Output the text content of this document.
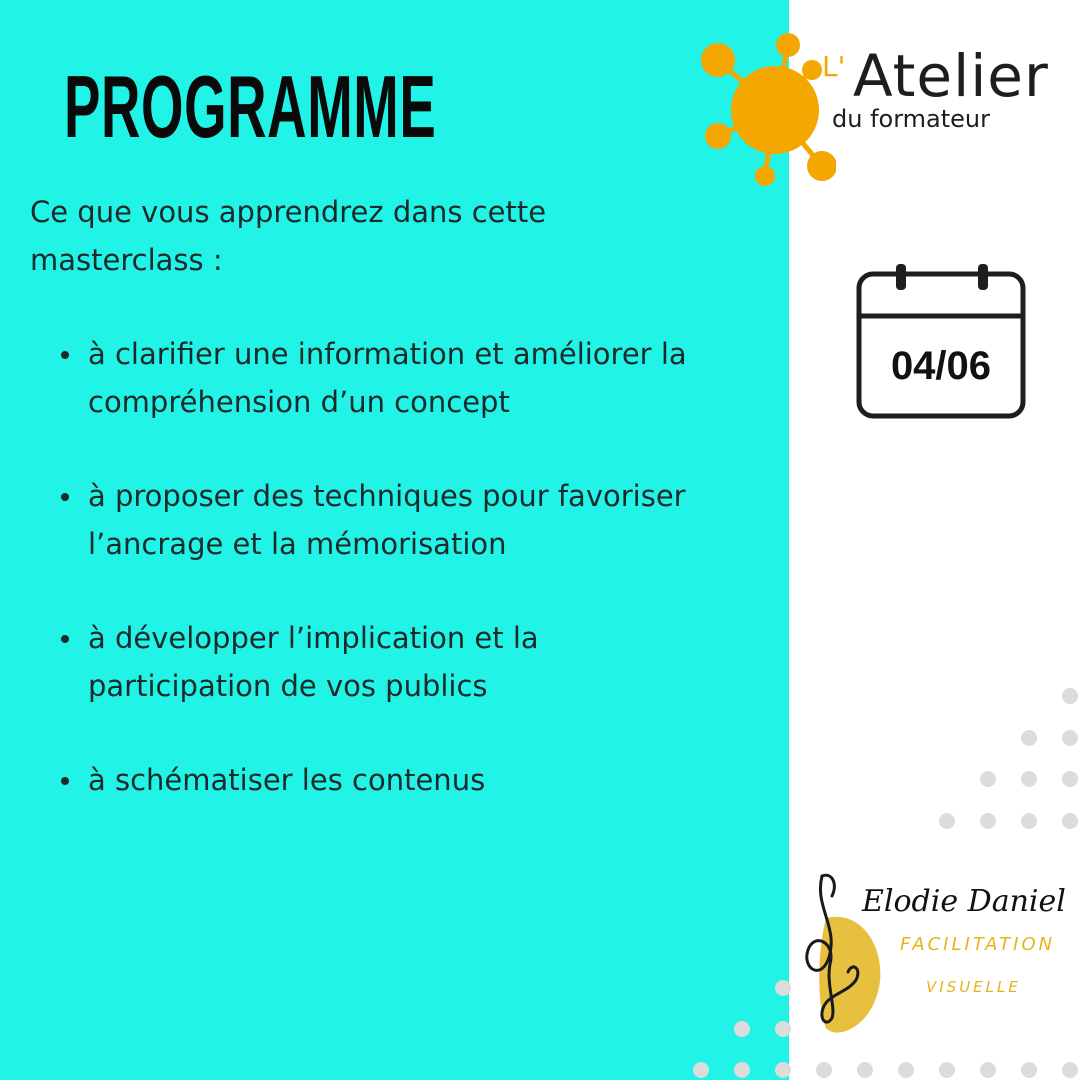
PROGRAMME
Ce que vous apprendrez dans cette
masterclass :
à clarifier une information et améliorer la
compréhension d’un concept
à proposer des techniques pour favoriser
l’ancrage et la mémorisation
à développer l’implication et la
participation de vos publics
à schématiser les contenus
L' Atelier
du formateur
04/06
Elodie Daniel
FACILITATION
VISUELLE
